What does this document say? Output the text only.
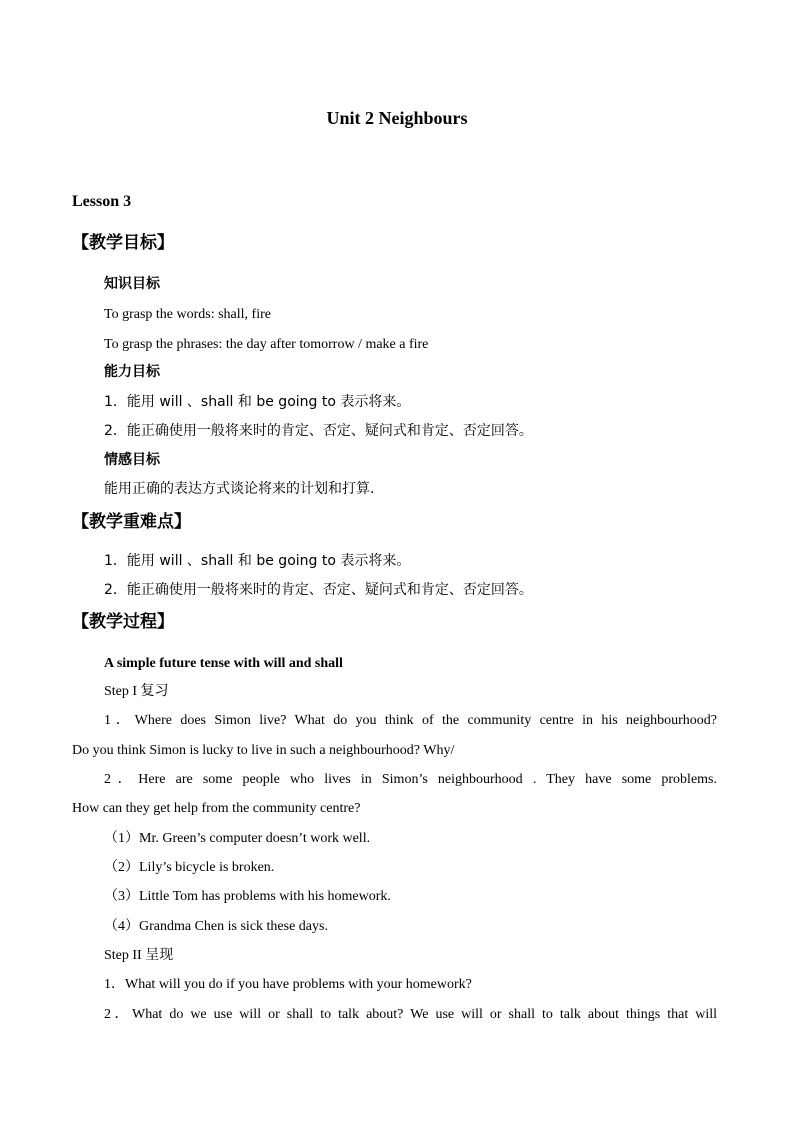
Unit 2 Neighbours
Lesson 3
【教学目标】
知识目标
To grasp the words: shall, fire
To grasp the phrases: the day after tomorrow / make a fire
能力目标
1．能用 will 、shall 和 be going to 表示将来。
2．能正确使用一般将来时的肯定、否定、疑问式和肯定、否定回答。
情感目标
能用正确的表达方式谈论将来的计划和打算.
【教学重难点】
1．能用 will 、shall 和 be going to 表示将来。
2．能正确使用一般将来时的肯定、否定、疑问式和肯定、否定回答。
【教学过程】
A simple future tense with will and shall
Step I 复习
1．Where does Simon live? What do you think of the community centre in his neighbourhood?
Do you think Simon is lucky to live in such a neighbourhood? Why/
2．Here are some people who lives in Simon’s neighbourhood . They have some problems.
How can they get help from the community centre?
（1）Mr. Green’s computer doesn’t work well.
（2）Lily’s bicycle is broken.
（3）Little Tom has problems with his homework.
（4）Grandma Chen is sick these days.
Step II 呈现
1．What will you do if you have problems with your homework?
2．What do we use will or shall to talk about? We use will or shall to talk about things that will
